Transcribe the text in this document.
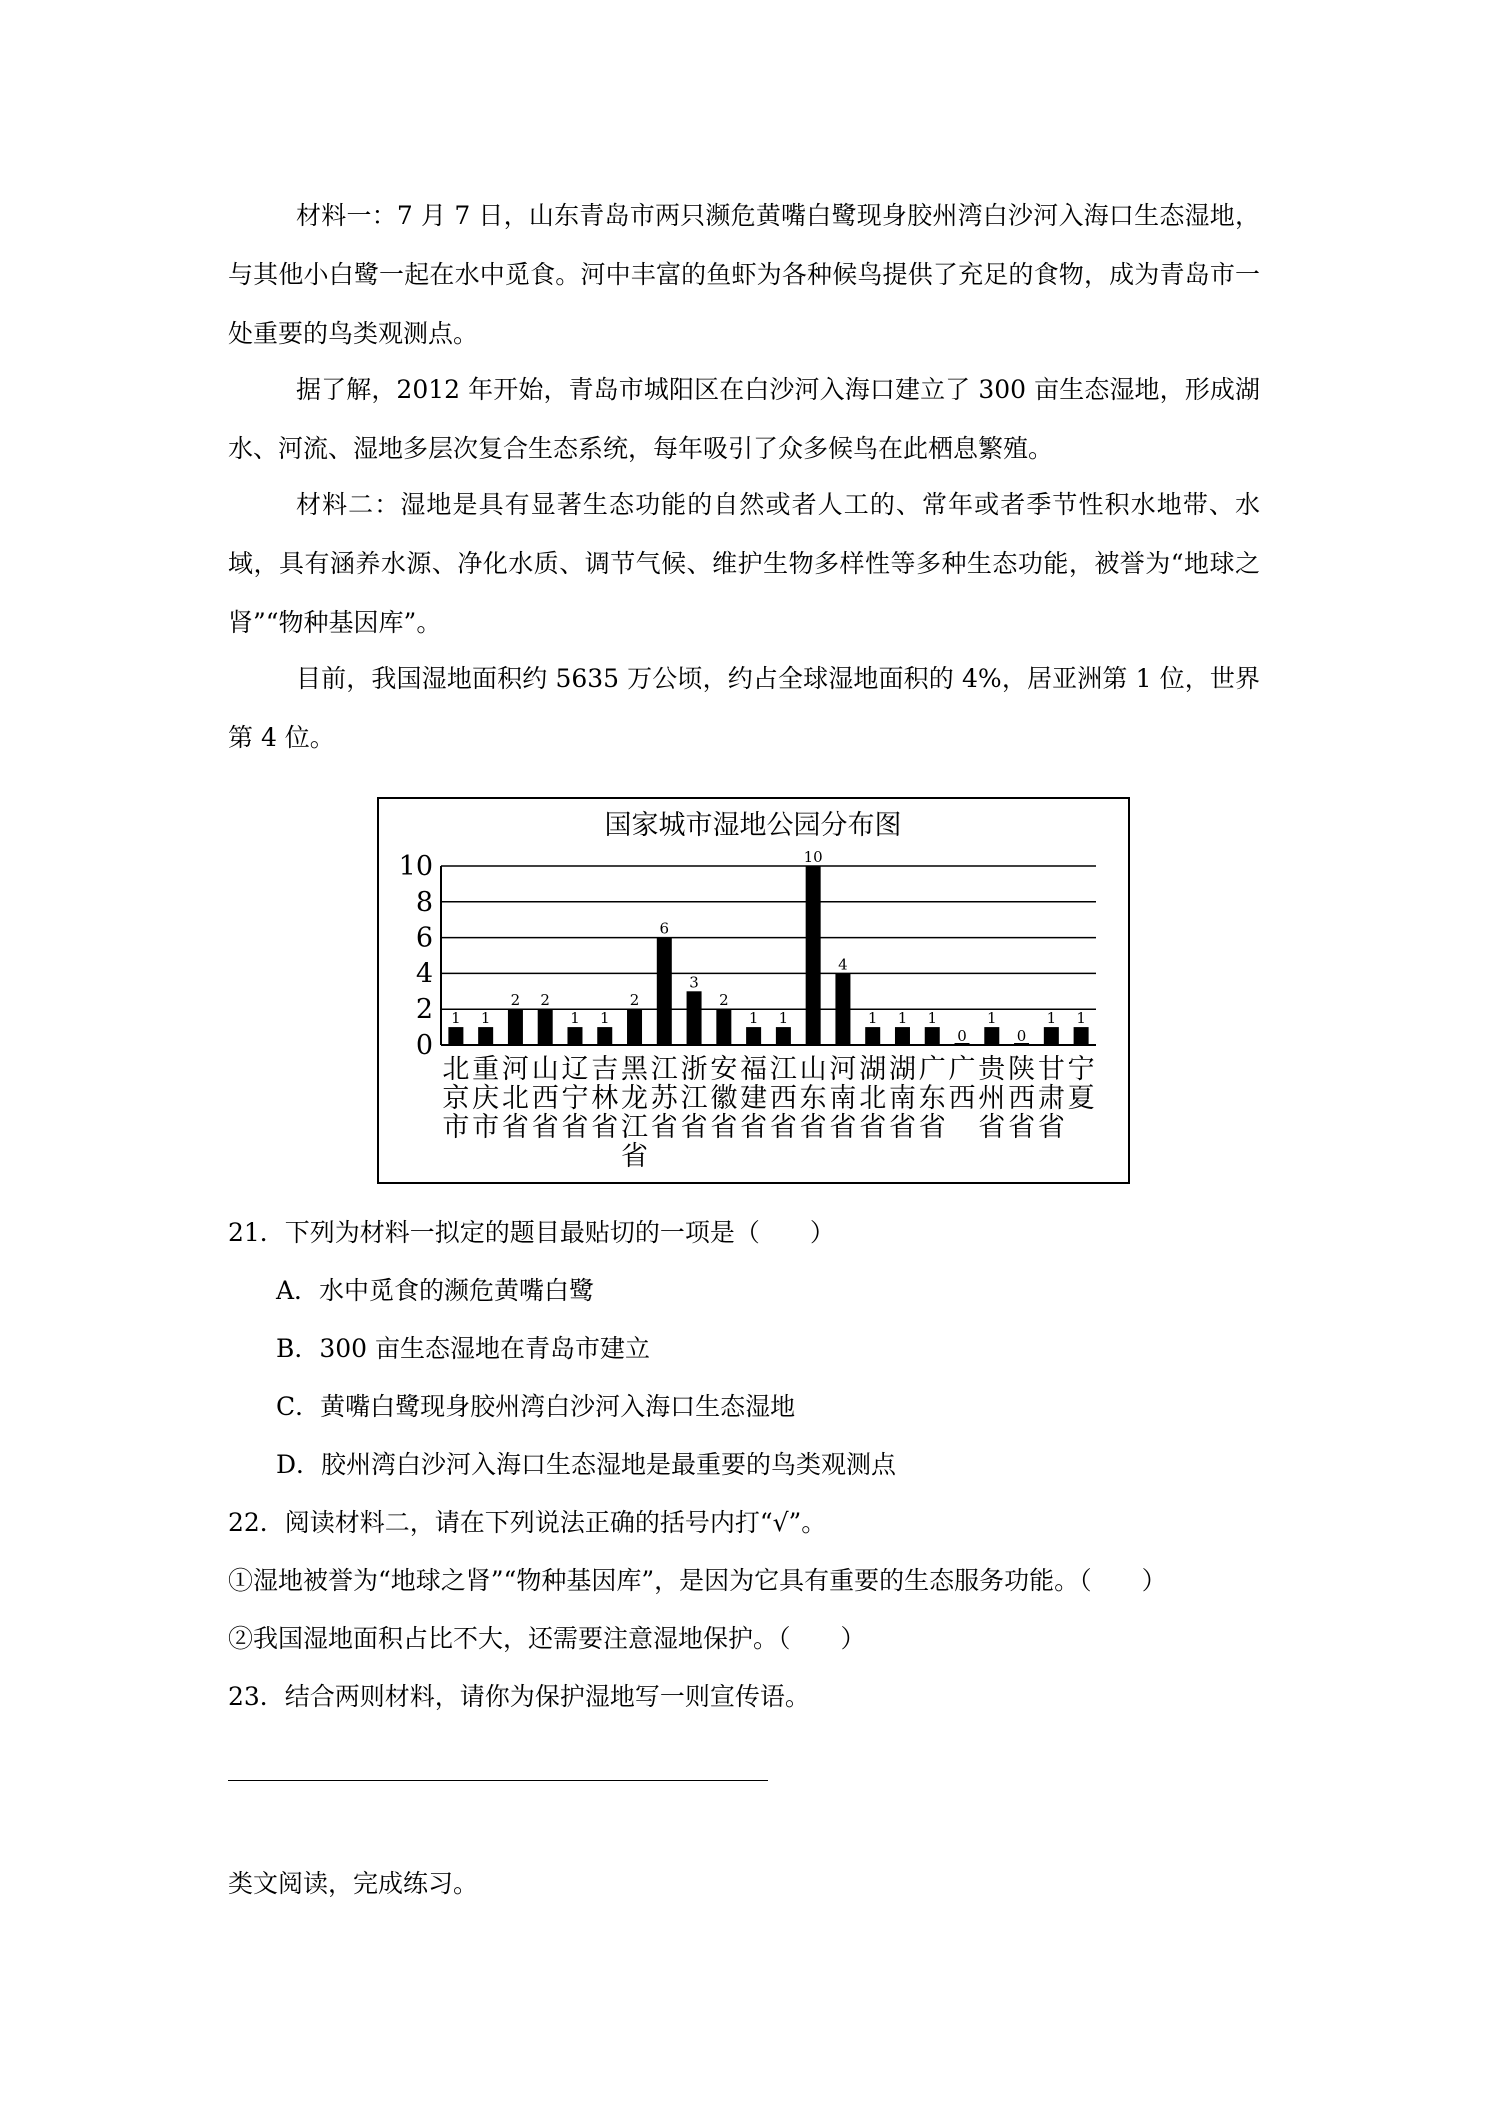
材料一：7 月 7 日，山东青岛市两只濒危黄嘴白鹭现身胶州湾白沙河入海口生态湿地，与其他小白鹭一起在水中觅食。河中丰富的鱼虾为各种候鸟提供了充足的食物，成为青岛市一处重要的鸟类观测点。

据了解，2012 年开始，青岛市城阳区在白沙河入海口建立了 300 亩生态湿地，形成湖水、河流、湿地多层次复合生态系统，每年吸引了众多候鸟在此栖息繁殖。

材料二：湿地是具有显著生态功能的自然或者人工的、常年或者季节性积水地带、水域，具有涵养水源、净化水质、调节气候、维护生物多样性等多种生态功能，被誉为“地球之肾”“物种基因库”。

目前，我国湿地面积约 5635 万公顷，约占全球湿地面积的 4%，居亚洲第 1 位，世界第 4 位。

国家城市湿地公园分布图
0
2
4
6
8
10
1 1
2 2
1 1
2
6
3
2
1 1
10
4
1 1 1
0
1
0
1 1
北京市
重庆市
河北省
山西省
辽宁省
吉林省
黑龙江省
江苏省
浙江省
安徽省
福建省
江西省
山东省
河南省
湖北省
湖南省
广东省
广西
贵州省
陕西省
甘肃省
宁夏

21．下列为材料一拟定的题目最贴切的一项是（　　）

A．水中觅食的濒危黄嘴白鹭

B．300 亩生态湿地在青岛市建立

C．黄嘴白鹭现身胶州湾白沙河入海口生态湿地

D．胶州湾白沙河入海口生态湿地是最重要的鸟类观测点

22．阅读材料二，请在下列说法正确的括号内打“√”。

①湿地被誉为“地球之肾”“物种基因库”，是因为它具有重要的生态服务功能。（　　）

②我国湿地面积占比不大，还需要注意湿地保护。（　　）

23．结合两则材料，请你为保护湿地写一则宣传语。

类文阅读，完成练习。
